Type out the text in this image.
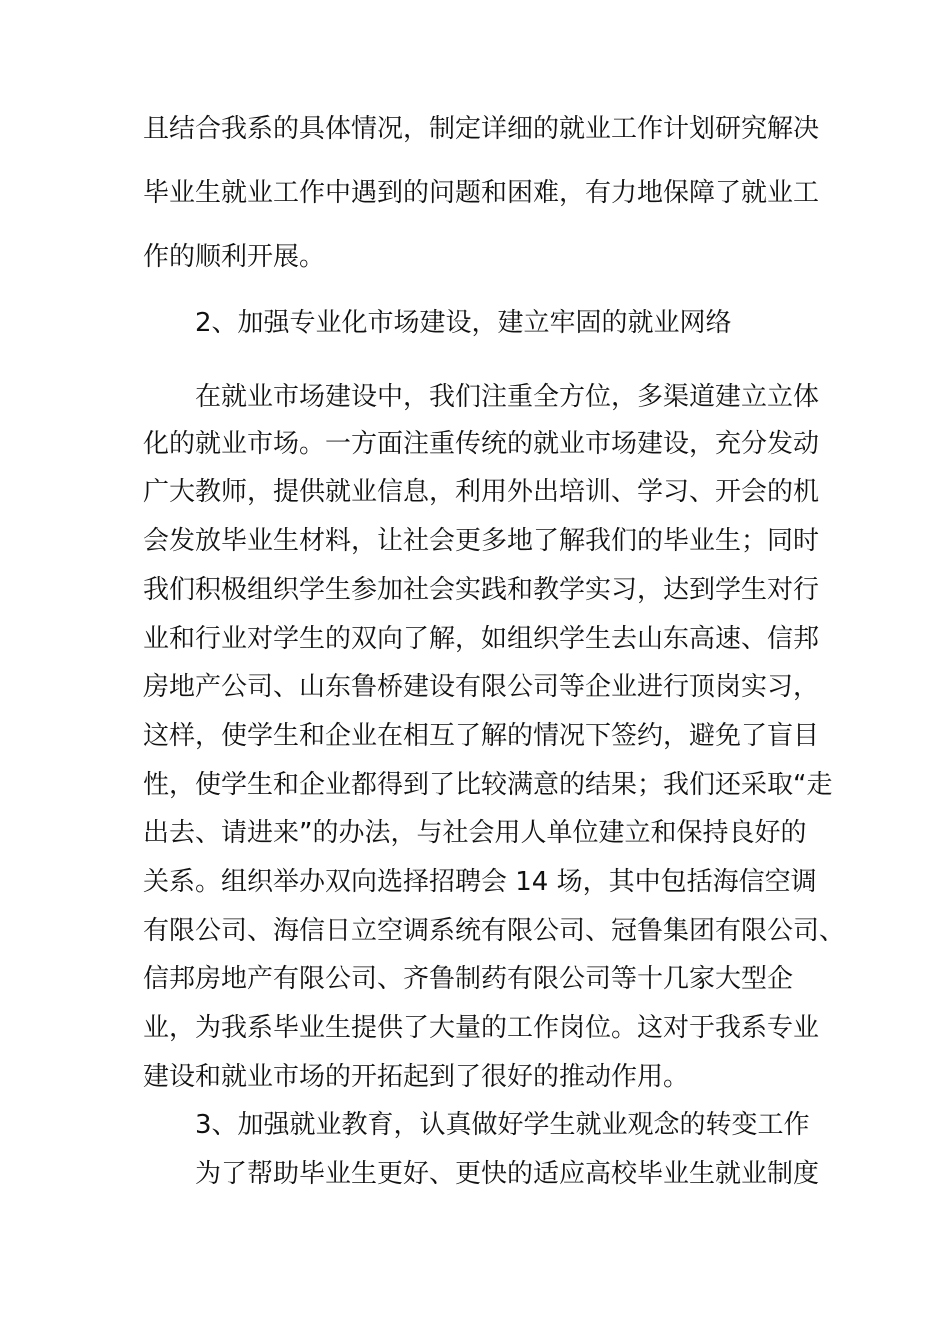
且结合我系的具体情况，制定详细的就业工作计划研究解决
毕业生就业工作中遇到的问题和困难，有力地保障了就业工
作的顺利开展。
2、加强专业化市场建设，建立牢固的就业网络
在就业市场建设中，我们注重全方位，多渠道建立立体
化的就业市场。一方面注重传统的就业市场建设，充分发动
广大教师，提供就业信息，利用外出培训、学习、开会的机
会发放毕业生材料，让社会更多地了解我们的毕业生；同时
我们积极组织学生参加社会实践和教学实习，达到学生对行
业和行业对学生的双向了解，如组织学生去山东高速、信邦
房地产公司、山东鲁桥建设有限公司等企业进行顶岗实习，
这样，使学生和企业在相互了解的情况下签约，避免了盲目
性，使学生和企业都得到了比较满意的结果；我们还采取“走
出去、请进来”的办法，与社会用人单位建立和保持良好的
关系。组织举办双向选择招聘会 14 场，其中包括海信空调
有限公司、海信日立空调系统有限公司、冠鲁集团有限公司、
信邦房地产有限公司、齐鲁制药有限公司等十几家大型企
业，为我系毕业生提供了大量的工作岗位。这对于我系专业
建设和就业市场的开拓起到了很好的推动作用。
3、加强就业教育，认真做好学生就业观念的转变工作
为了帮助毕业生更好、更快的适应高校毕业生就业制度
